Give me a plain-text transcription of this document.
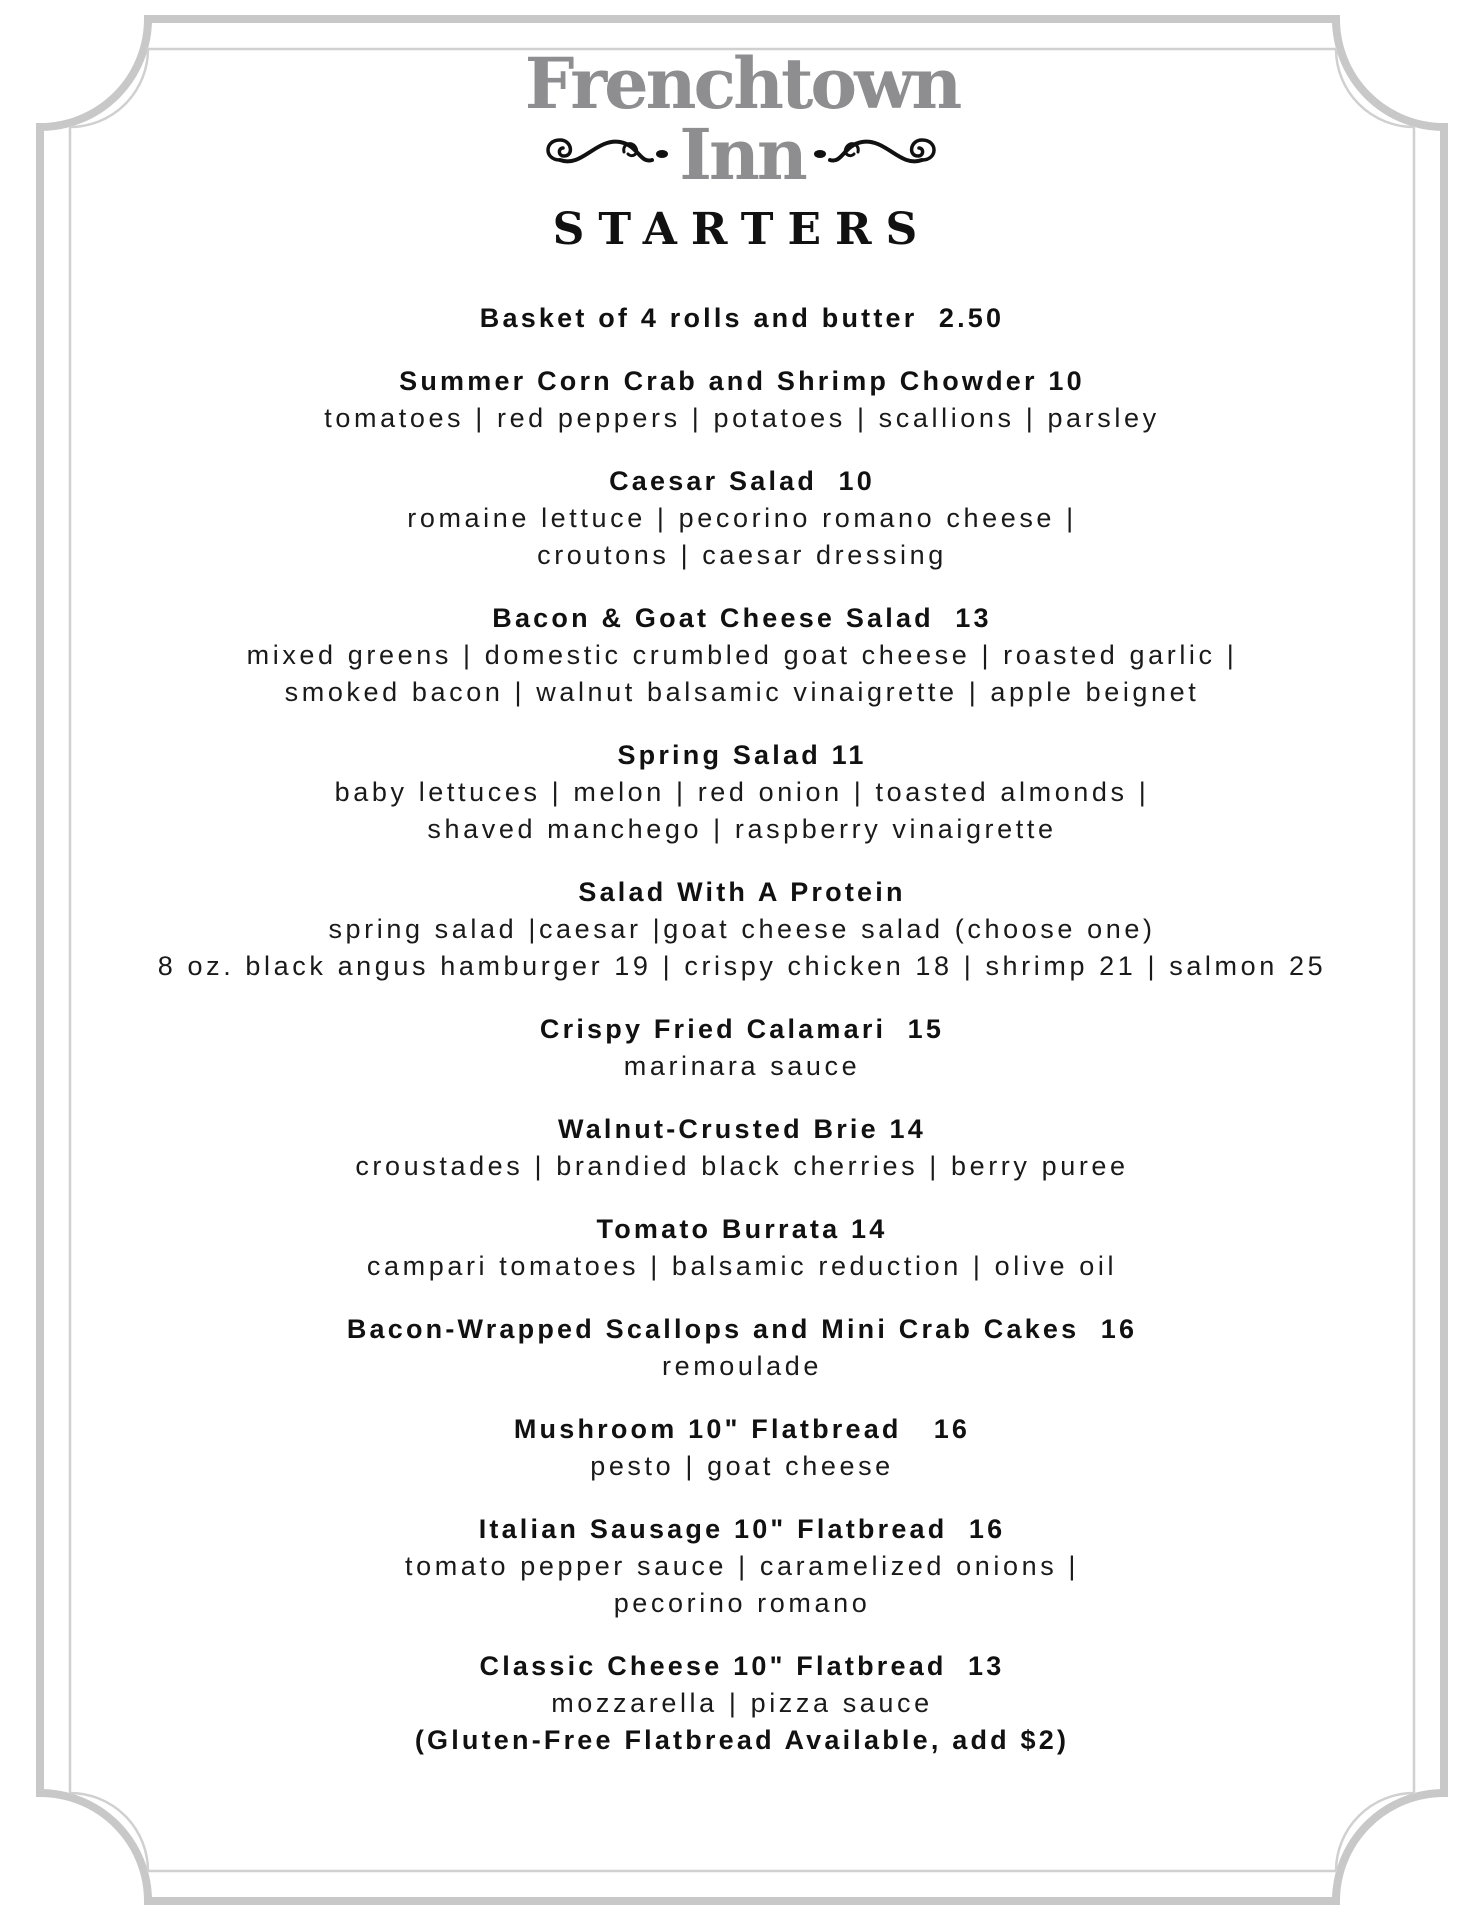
Frenchtown
Inn
STARTERS
Basket of 4 rolls and butter  2.50
Summer Corn Crab and Shrimp Chowder 10
tomatoes | red peppers | potatoes | scallions | parsley
Caesar Salad  10
romaine lettuce | pecorino romano cheese |
croutons | caesar dressing
Bacon & Goat Cheese Salad  13
mixed greens | domestic crumbled goat cheese | roasted garlic |
smoked bacon | walnut balsamic vinaigrette | apple beignet
Spring Salad 11
baby lettuces | melon | red onion | toasted almonds |
shaved manchego | raspberry vinaigrette
Salad With A Protein
spring salad |caesar |goat cheese salad (choose one)
8 oz. black angus hamburger 19 | crispy chicken 18 | shrimp 21 | salmon 25
Crispy Fried Calamari  15
marinara sauce
Walnut-Crusted Brie 14
croustades | brandied black cherries | berry puree
Tomato Burrata 14
campari tomatoes | balsamic reduction | olive oil
Bacon-Wrapped Scallops and Mini Crab Cakes  16
remoulade
Mushroom 10" Flatbread   16
pesto | goat cheese
Italian Sausage 10" Flatbread  16
tomato pepper sauce | caramelized onions |
pecorino romano
Classic Cheese 10" Flatbread  13
mozzarella | pizza sauce
(Gluten-Free Flatbread Available, add $2)
